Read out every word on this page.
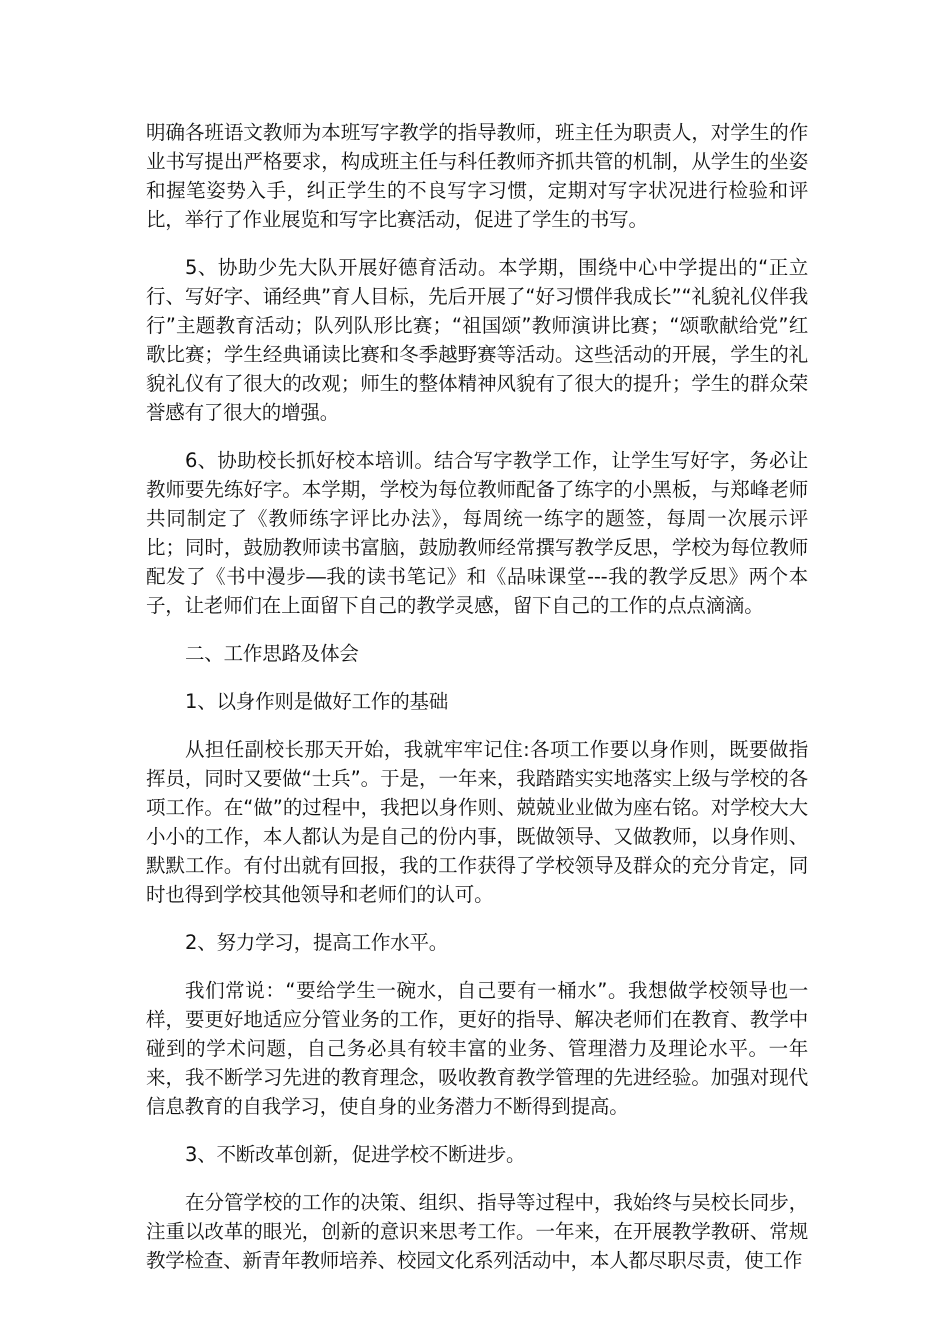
明确各班语文教师为本班写字教学的指导教师，班主任为职责人，对学生的作业书写提出严格要求，构成班主任与科任教师齐抓共管的机制，从学生的坐姿和握笔姿势入手，纠正学生的不良写字习惯，定期对写字状况进行检验和评比，举行了作业展览和写字比赛活动，促进了学生的书写。

5、协助少先大队开展好德育活动。本学期，围绕中心中学提出的“正立行、写好字、诵经典”育人目标，先后开展了“好习惯伴我成长”“礼貌礼仪伴我行”主题教育活动；队列队形比赛；“祖国颂”教师演讲比赛；“颂歌献给党”红歌比赛；学生经典诵读比赛和冬季越野赛等活动。这些活动的开展，学生的礼貌礼仪有了很大的改观；师生的整体精神风貌有了很大的提升；学生的群众荣誉感有了很大的增强。

6、协助校长抓好校本培训。结合写字教学工作，让学生写好字，务必让教师要先练好字。本学期，学校为每位教师配备了练字的小黑板，与郑峰老师共同制定了《教师练字评比办法》，每周统一练字的题签，每周一次展示评比；同时，鼓励教师读书富脑，鼓励教师经常撰写教学反思，学校为每位教师配发了《书中漫步―我的读书笔记》和《品味课堂---我的教学反思》两个本子，让老师们在上面留下自己的教学灵感，留下自己的工作的点点滴滴。

二、工作思路及体会

1、以身作则是做好工作的基础

从担任副校长那天开始，我就牢牢记住:各项工作要以身作则，既要做指挥员，同时又要做“士兵”。于是，一年来，我踏踏实实地落实上级与学校的各项工作。在“做”的过程中，我把以身作则、兢兢业业做为座右铭。对学校大大小小的工作，本人都认为是自己的份内事，既做领导、又做教师，以身作则、默默工作。有付出就有回报，我的工作获得了学校领导及群众的充分肯定，同时也得到学校其他领导和老师们的认可。

2、努力学习，提高工作水平。

我们常说：“要给学生一碗水，自己要有一桶水”。我想做学校领导也一样，要更好地适应分管业务的工作，更好的指导、解决老师们在教育、教学中碰到的学术问题，自己务必具有较丰富的业务、管理潜力及理论水平。一年来，我不断学习先进的教育理念，吸收教育教学管理的先进经验。加强对现代信息教育的自我学习，使自身的业务潜力不断得到提高。

3、不断改革创新，促进学校不断进步。

在分管学校的工作的决策、组织、指导等过程中，我始终与吴校长同步，注重以改革的眼光，创新的意识来思考工作。一年来，在开展教学教研、常规教学检查、新青年教师培养、校园文化系列活动中，本人都尽职尽责，使工作
